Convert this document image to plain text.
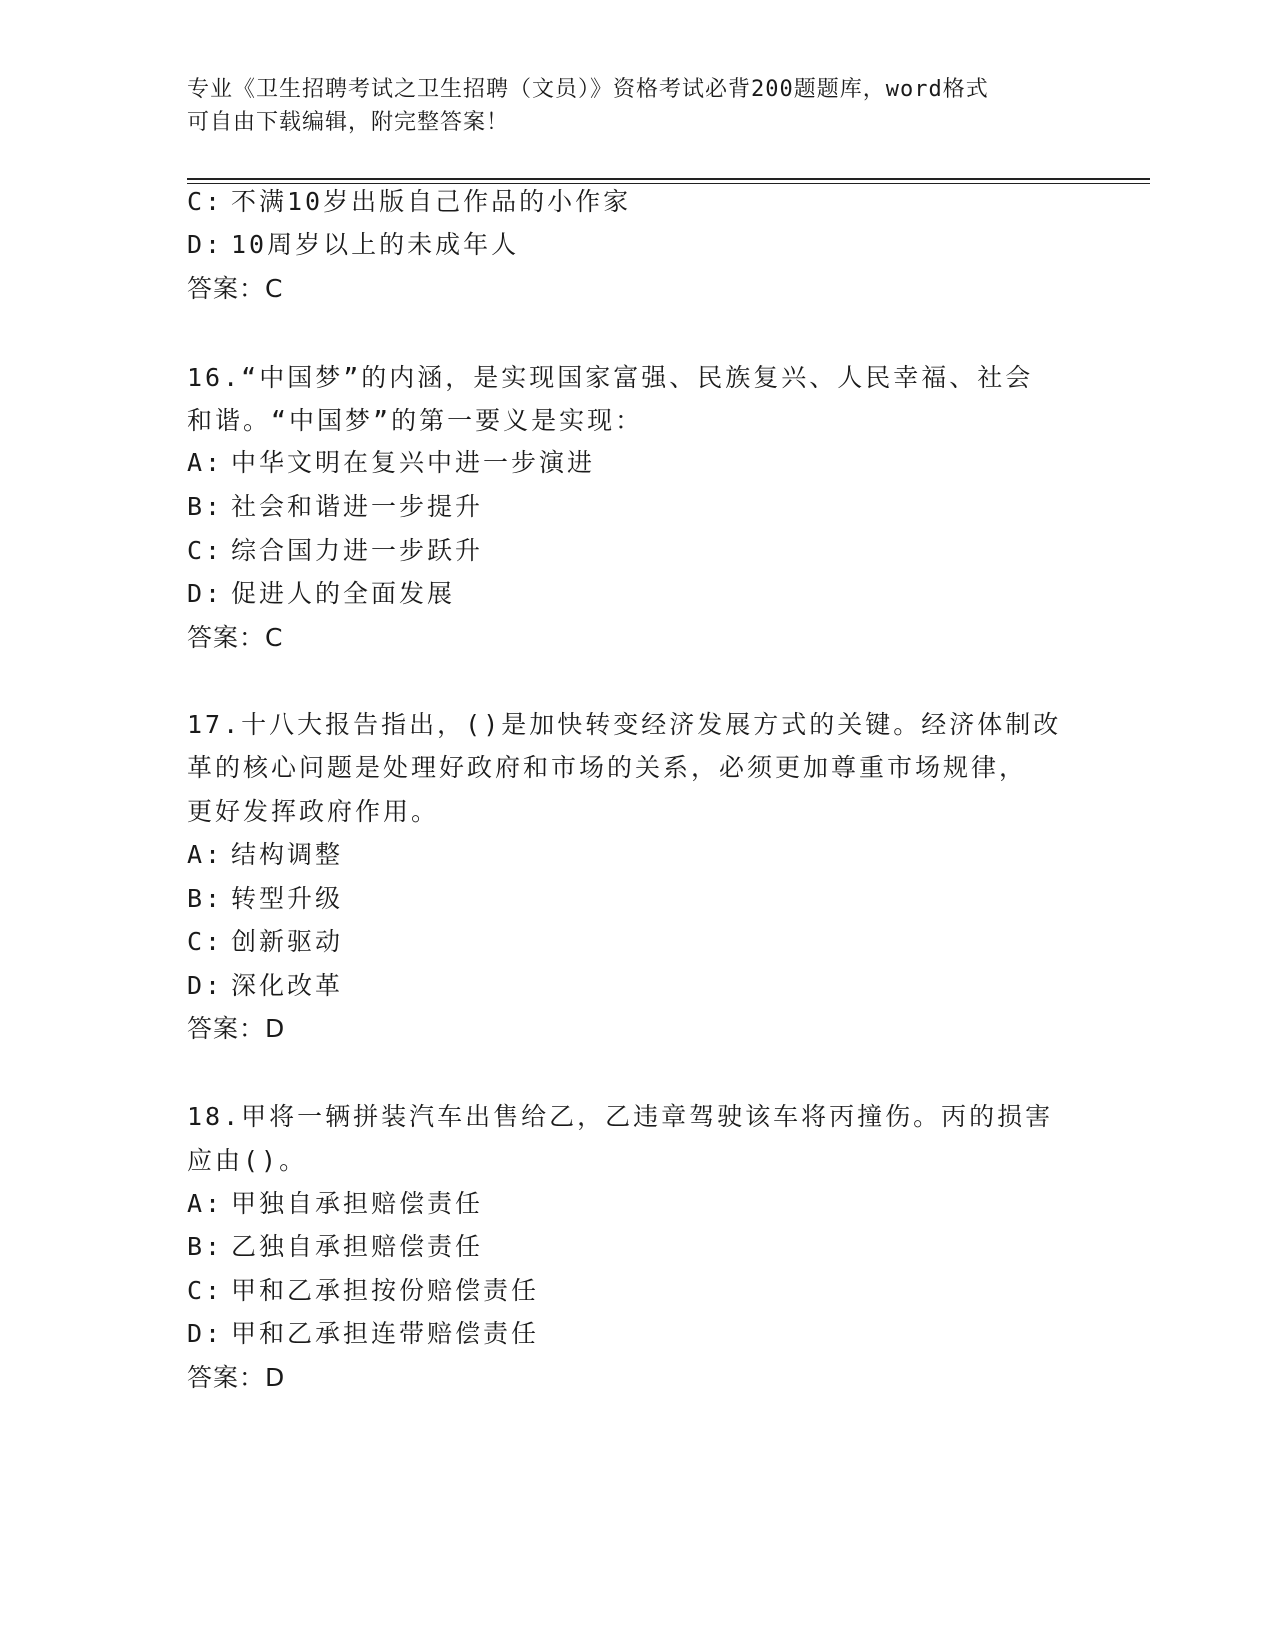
专业《卫生招聘考试之卫生招聘（文员）》资格考试必背200题题库，word格式
可自由下载编辑，附完整答案！
C: 不满10岁出版自己作品的小作家
D: 10周岁以上的未成年人
答案：C
16.“中国梦”的内涵，是实现国家富强、民族复兴、人民幸福、社会
和谐。“中国梦”的第一要义是实现：
A: 中华文明在复兴中进一步演进
B: 社会和谐进一步提升
C: 综合国力进一步跃升
D: 促进人的全面发展
答案：C
17.十八大报告指出，()是加快转变经济发展方式的关键。经济体制改
革的核心问题是处理好政府和市场的关系，必须更加尊重市场规律，
更好发挥政府作用。
A: 结构调整
B: 转型升级
C: 创新驱动
D: 深化改革
答案：D
18.甲将一辆拼装汽车出售给乙，乙违章驾驶该车将丙撞伤。丙的损害
应由()。
A: 甲独自承担赔偿责任
B: 乙独自承担赔偿责任
C: 甲和乙承担按份赔偿责任
D: 甲和乙承担连带赔偿责任
答案：D
